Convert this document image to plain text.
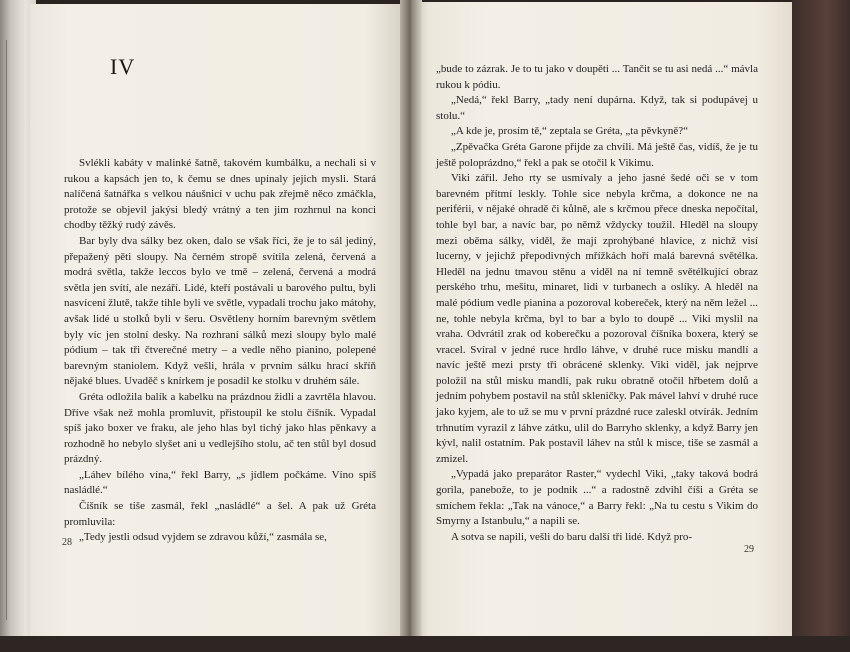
IV

Svlékli kabáty v malinké šatně, takovém kumbálku, a nechali si v rukou a kapsách jen to, k čemu se dnes upínaly jejich mysli. Stará nalíčená šatnářka s velkou náušnicí v uchu pak zřejmě něco zmáčkla, protože se objevil jakýsi bledý vrátný a ten jim rozhrnul na konci chodby těžký rudý závěs.

Bar byly dva sálky bez oken, dalo se však říci, že je to sál jediný, přepažený pěti sloupy. Na černém stropě svítila zelená, červená a modrá světla, takže leccos bylo ve tmě – zelená, červená a modrá světla jen svítí, ale nezáří. Lidé, kteří postávali u barového pultu, byli nasvícení žlutě, takže tihle byli ve světle, vypadali trochu jako mátohy, avšak lidé u stolků byli v šeru. Osvětleny horním barevným světlem byly víc jen stolní desky. Na rozhraní sálků mezi sloupy bylo malé pódium – tak tři čtverečné metry – a vedle něho pianino, polepené barevným staniolem. Když vešli, hrála v prvním sálku hrací skříň nějaké blues. Uvaděč s knírkem je posadil ke stolku v druhém sále.

Gréta odložila balík a kabelku na prázdnou židli a zavrtěla hlavou. Dříve však než mohla promluvit, přistoupil ke stolu číšník. Vypadal spíš jako boxer ve fraku, ale jeho hlas byl tichý jako hlas pěnkavy a rozhodně ho nebylo slyšet ani u vedlejšího stolu, ač ten stůl byl dosud prázdný.

„Láhev bílého vína,“ řekl Barry, „s jídlem počkáme. Víno spíš nasládlé.“

Číšník se tiše zasmál, řekl „nasládlé“ a šel. A pak už Gréta promluvila:

„Tedy jestli odsud vyjdem se zdravou kůží,“ zasmála se,

28

„bude to zázrak. Je to tu jako v doupěti ... Tančit se tu asi nedá ...“ mávla rukou k pódiu.

„Nedá,“ řekl Barry, „tady není dupárna. Když, tak si podupávej u stolu.“

„A kde je, prosím tě,“ zeptala se Gréta, „ta pěvkyně?“

„Zpěvačka Gréta Garone přijde za chvíli. Má ještě čas, vidíš, že je tu ještě poloprázdno,“ řekl a pak se otočil k Vikimu.

Viki zářil. Jeho rty se usmívaly a jeho jasné šedé oči se v tom barevném přítmí leskly. Tohle sice nebyla krčma, a dokonce ne na periférii, v nějaké ohradě či kůlně, ale s krčmou přece dneska nepočítal, tohle byl bar, a navíc bar, po němž vždycky toužil. Hleděl na sloupy mezi oběma sálky, viděl, že mají zprohýbané hlavice, z nichž visí lucerny, v jejichž přepodivných mřížkách hoří malá barevná světélka. Hleděl na jednu tmavou stěnu a viděl na ní temně světélkující obraz perského trhu, mešitu, minaret, lidi v turbanech a oslíky. A hleděl na malé pódium vedle pianina a pozoroval kobereček, který na něm ležel ... ne, tohle nebyla krčma, byl to bar a bylo to doupě ... Viki myslil na vraha. Odvrátil zrak od koberečku a pozoroval číšníka boxera, který se vracel. Svíral v jedné ruce hrdlo láhve, v druhé ruce misku mandlí a navíc ještě mezi prsty tři obrácené sklenky. Viki viděl, jak nejprve položil na stůl misku mandlí, pak ruku obratně otočil hřbetem dolů a jedním pohybem postavil na stůl skleničky. Pak mável lahví v druhé ruce jako kyjem, ale to už se mu v první prázdné ruce zaleskl otvírák. Jedním trhnutím vyrazil z láhve zátku, ulil do Barryho sklenky, a když Barry jen kývl, nalil ostatním. Pak postavil láhev na stůl k misce, tiše se zasmál a zmizel.

„Vypadá jako preparátor Raster,“ vydechl Viki, „taky taková bodrá gorila, panebože, to je podnik ...“ a radostně zdvihl číši a Gréta se smíchem řekla: „Tak na vánoce,“ a Barry řekl: „Na tu cestu s Vikim do Smyrny a Istanbulu,“ a napili se.

A sotva se napili, vešli do baru další tři lidé. Když pro-

29
